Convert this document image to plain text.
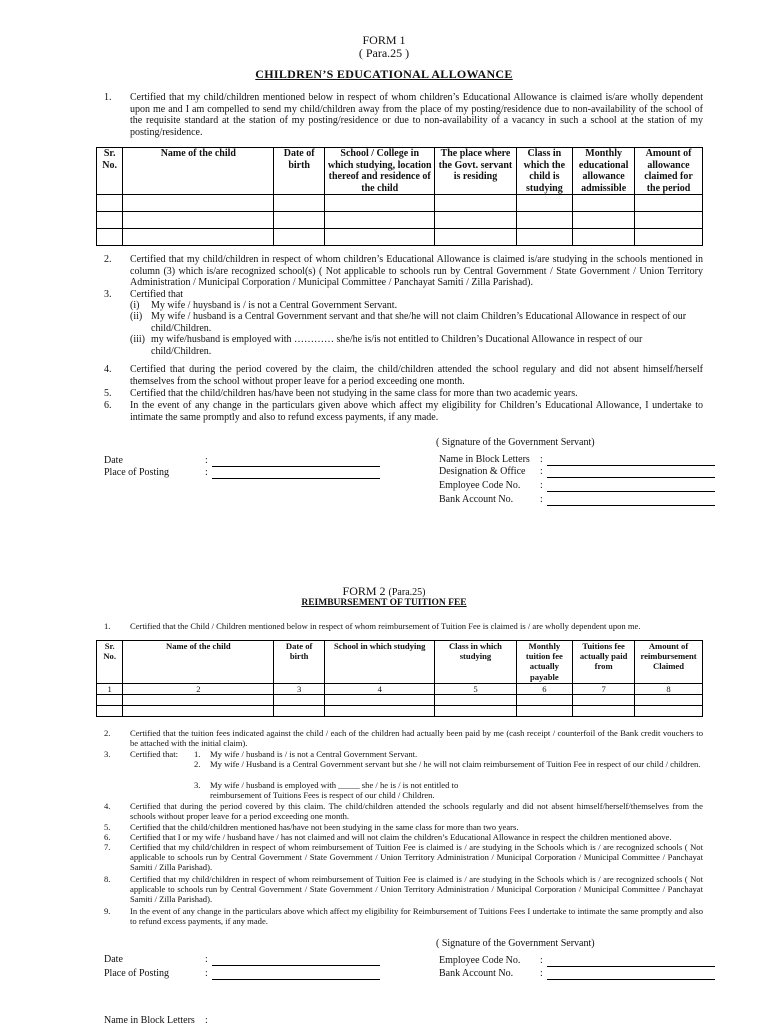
FORM 1
( Para.25 )
CHILDREN’S EDUCATIONAL ALLOWANCE
1. Certified that my child/children mentioned below in respect of whom children’s Educational Allowance is claimed is/are wholly dependent upon me and I am compelled to send my child/children away from the place of my posting/residence due to non-availability of the school of the requisite standard at the station of my posting/residence or due to non-availability of a vacancy in such a school at the station of my posting/residence.
Sr. No.	Name of the child	Date of birth	School / College in which studying, location thereof and residence of the child	The place where the Govt. servant is residing	Class in which the child is studying	Monthly educational allowance admissible	Amount of allowance claimed for the period

2. Certified that my child/children in respect of whom children’s Educational Allowance is claimed is/are studying in the schools mentioned in column (3) which is/are recognized school(s) ( Not applicable to schools run by Central Government / State Government / Union Territory Administration / Municipal Corporation / Municipal Committee / Panchayat Samiti / Zilla Parishad).
3. Certified that
(i) My wife / huysband is / is not a Central Government Servant.
(ii) My wife / husband is a Central Government servant and that she/he will not claim Children’s Educational Allowance in respect of our child/Children.
(iii) my wife/husband is employed with ………… she/he is/is not entitled to Children’s Ducational Allowance in respect of our child/Children.
4. Certified that during the period covered by the claim, the child/children attended the school regulary and did not absent himself/herself themselves from the school without proper leave for a period exceeding one month.
5. Certified that the child/children has/have been not studying in the same class for more than two academic years.
6. In the event of any change in the particulars given above which affect my eligibility for Children’s Educational Allowance, I undertake to intimate the same promptly and also to refund excess payments, if any made.
( Signature of the Government Servant)
Date	:
Place of Posting	:
Name in Block Letters :
Designation & Office :
Employee Code No. :
Bank Account No.	:
FORM 2 (Para.25)
REIMBURSEMENT OF TUITION FEE
1. Certified that the Child / Children mentioned below in respect of whom reimbursement of Tuition Fee is claimed is / are wholly dependent upon me.
Sr. No.	Name of the child	Date of birth	School in which studying	Class in which studying	Monthly tuition fee actually payable	Tuitions fee actually paid from	Amount of reimbursement Claimed
1	2	3	4	5	6	7	8

2. Certified that the tuition fees indicated against the child / each of the children had actually been paid by me (cash receipt / counterfoil of the Bank credit vouchers to be attached with the initial claim).
3. Certified that:	1. My wife / husband is / is not a Central Government Servant.
2. My wife / Husband is a Central Government servant but she / he will not claim reimbursement of Tuition Fee in respect of our child / children.
3. My wife / husband is employed with _____ she / he is / is not entitled to reimbursement of Tuitions Fees is respect of our child / Children.
4. Certified that during the period covered by this claim. The child/children attended the schools regularly and did not absent himself/herself/themselves from the schools without proper leave for a period exceeding one month.
5. Certified that the child/children mentioned has/have not been studying in the same class for more than two years.
6. Certified that I or my wife / husband have / has not claimed and will not claim the children’s Educational Allowance in respect the children mentioned above.
7. Certified that my child/children in respect of whom reimbursement of Tuition Fee is claimed is / are studying in the Schools which is / are recognized schools ( Not applicable to schools run by Central Government / State Government / Union Territory Administration / Municipal Corporation / Municipal Committee / Panchayat Samiti / Zilla Parishad).
8. Certified that my child/children in respect of whom reimbursement of Tuition Fee is claimed is / are studying in the Schools which is / are recognized schools ( Not applicable to schools run by Central Government / State Government / Union Territory Administration / Municipal Corporation / Municipal Committee / Panchayat Samiti / Zilla Parishad).
9. In the event of any change in the particulars above which affect my eligibility for Reimbursement of Tuitions Fees I undertake to intimate the same promptly and also to refund excess payments, if any made.
( Signature of the Government Servant)
Date	:
Place of Posting	:
Name in Block Letters :
Employee Code No. :
Bank Account No.	:
